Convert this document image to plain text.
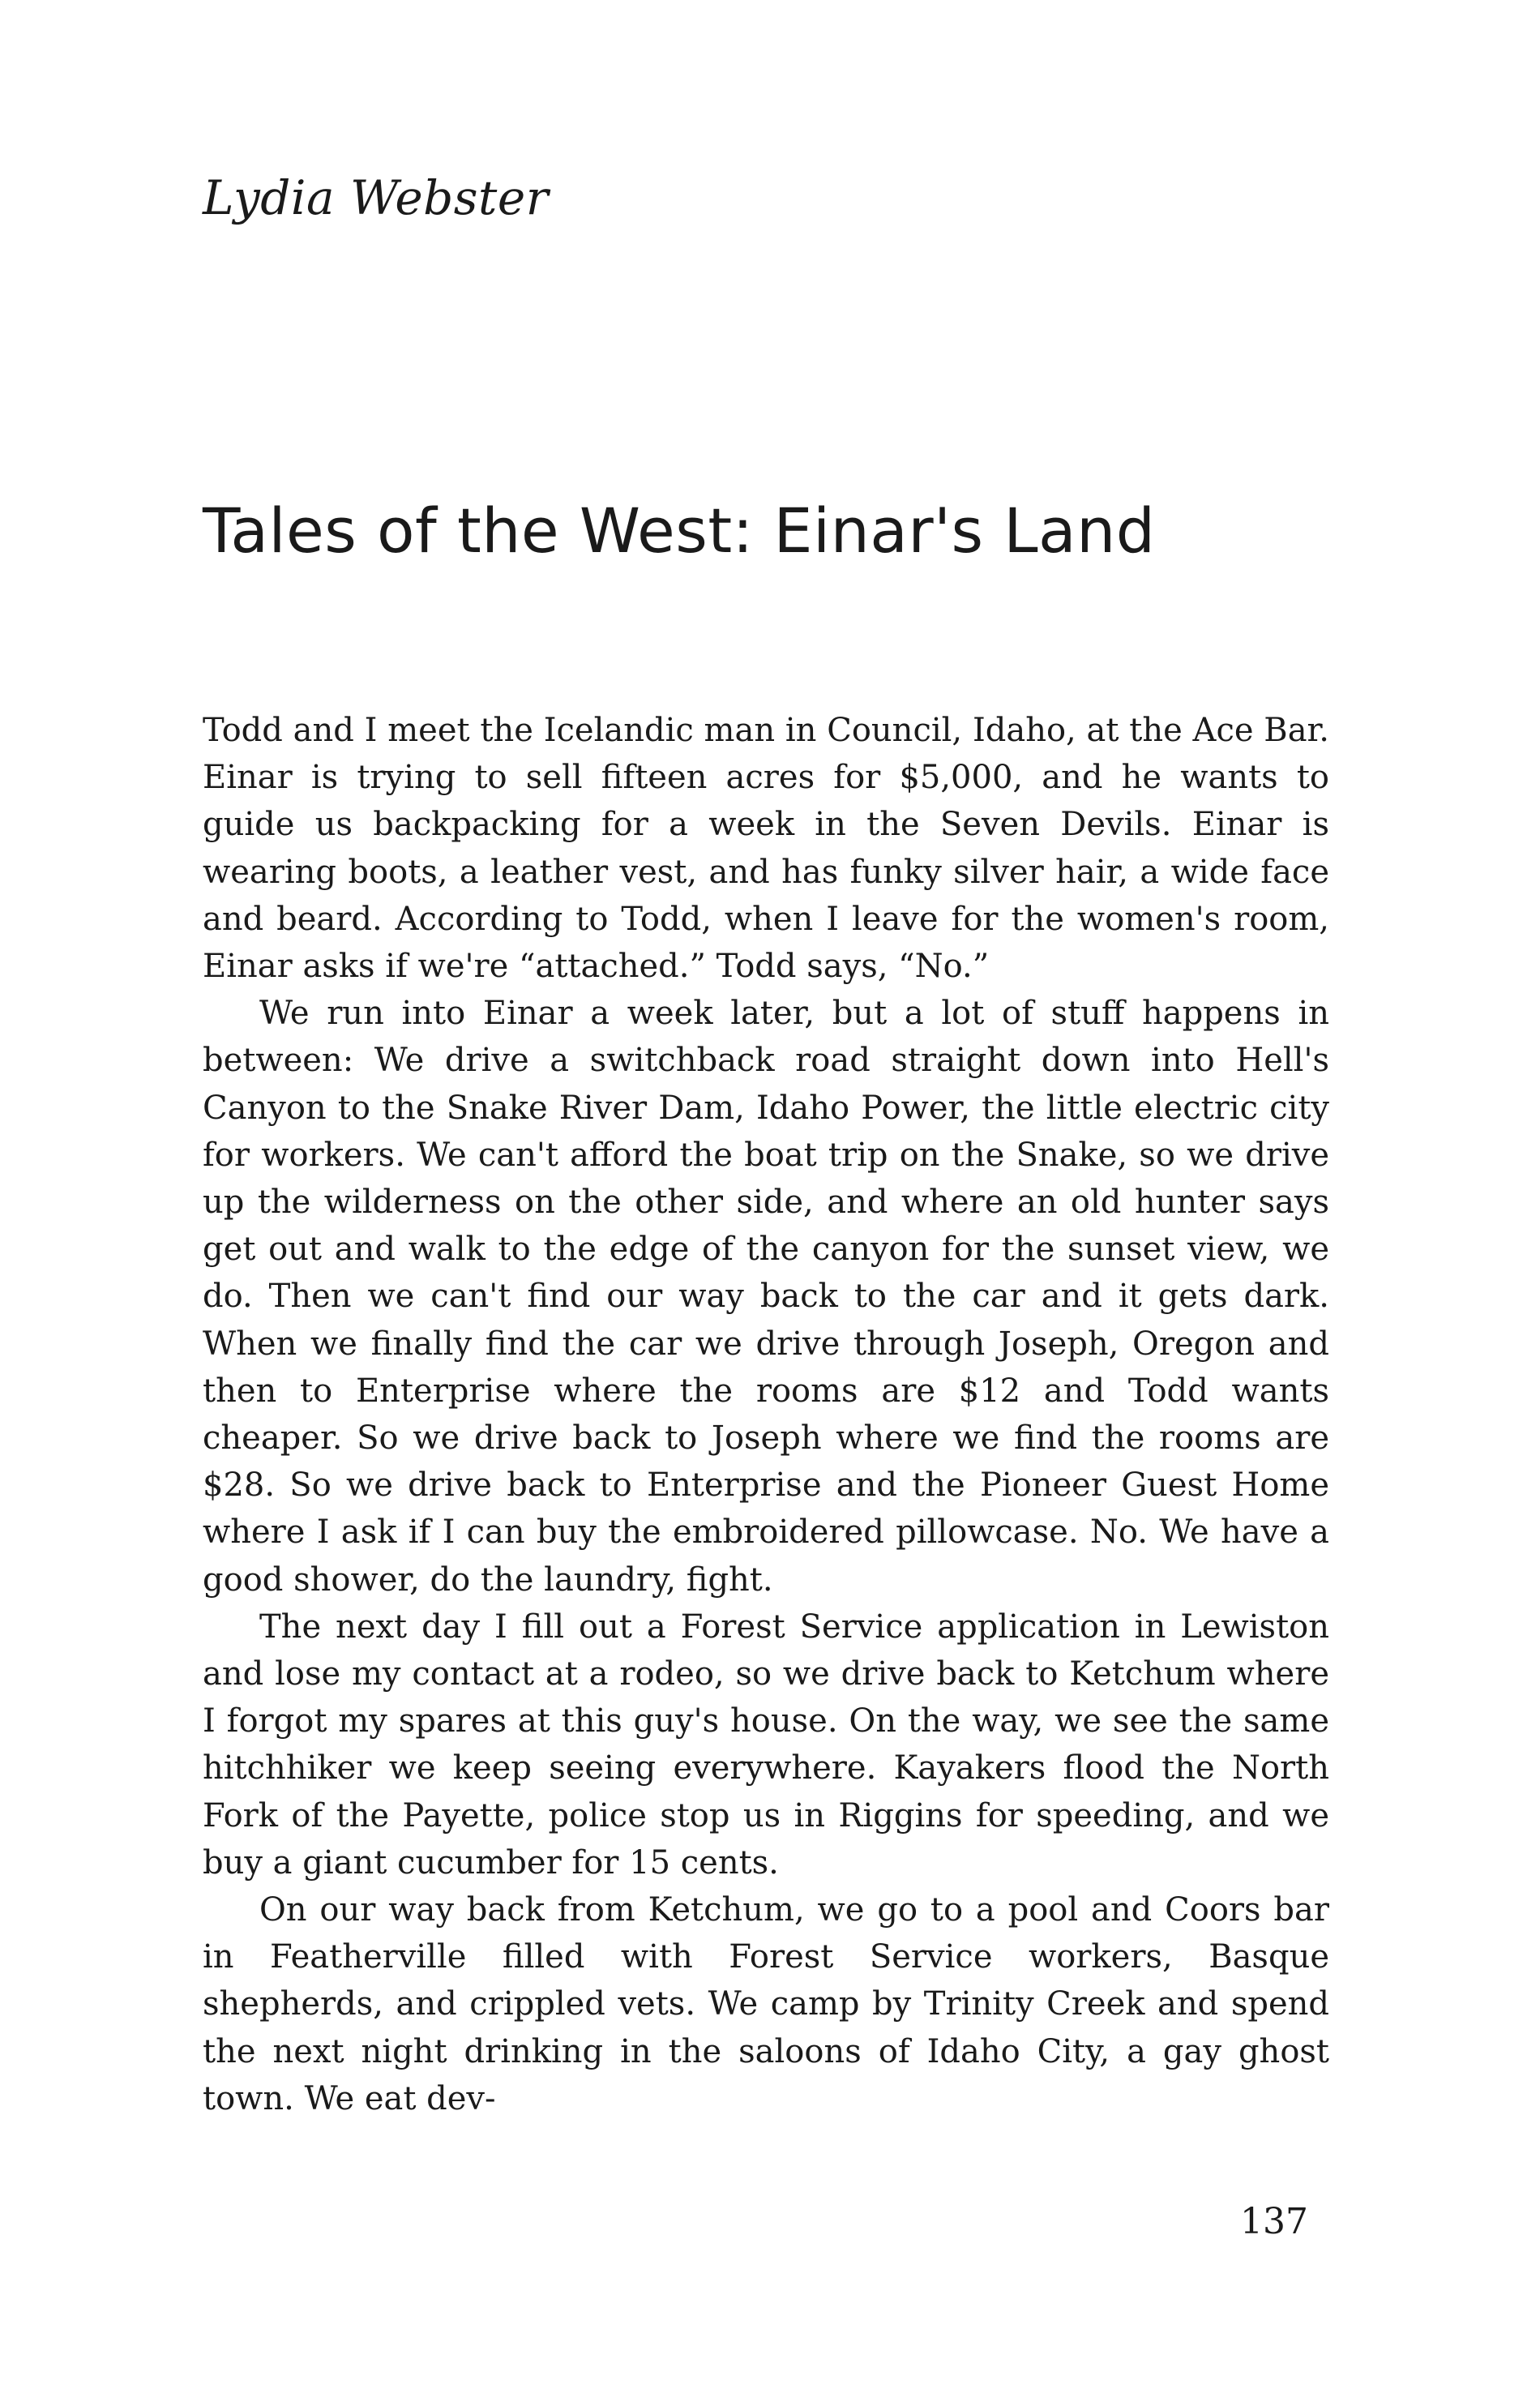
Lydia Webster
Tales of the West: Einar's Land

Todd and I meet the Icelandic man in Council, Idaho, at the Ace Bar. Einar is trying to sell fifteen acres for $5,000, and he wants to guide us backpacking for a week in the Seven Devils. Einar is wearing boots, a leather vest, and has funky silver hair, a wide face and beard. According to Todd, when I leave for the women's room, Einar asks if we're “attached.” Todd says, “No.”

We run into Einar a week later, but a lot of stuff happens in between: We drive a switchback road straight down into Hell's Canyon to the Snake River Dam, Idaho Power, the little electric city for workers. We can't afford the boat trip on the Snake, so we drive up the wilderness on the other side, and where an old hunter says get out and walk to the edge of the canyon for the sunset view, we do. Then we can't find our way back to the car and it gets dark. When we finally find the car we drive through Joseph, Oregon and then to Enterprise where the rooms are $12 and Todd wants cheaper. So we drive back to Joseph where we find the rooms are $28. So we drive back to Enterprise and the Pioneer Guest Home where I ask if I can buy the embroidered pillowcase. No. We have a good shower, do the laundry, fight.

The next day I fill out a Forest Service application in Lewiston and lose my contact at a rodeo, so we drive back to Ketchum where I forgot my spares at this guy's house. On the way, we see the same hitchhiker we keep seeing everywhere. Kayakers flood the North Fork of the Payette, police stop us in Riggins for speeding, and we buy a giant cucumber for 15 cents.

On our way back from Ketchum, we go to a pool and Coors bar in Featherville filled with Forest Service workers, Basque shepherds, and crippled vets. We camp by Trinity Creek and spend the next night drinking in the saloons of Idaho City, a gay ghost town. We eat dev-

137
